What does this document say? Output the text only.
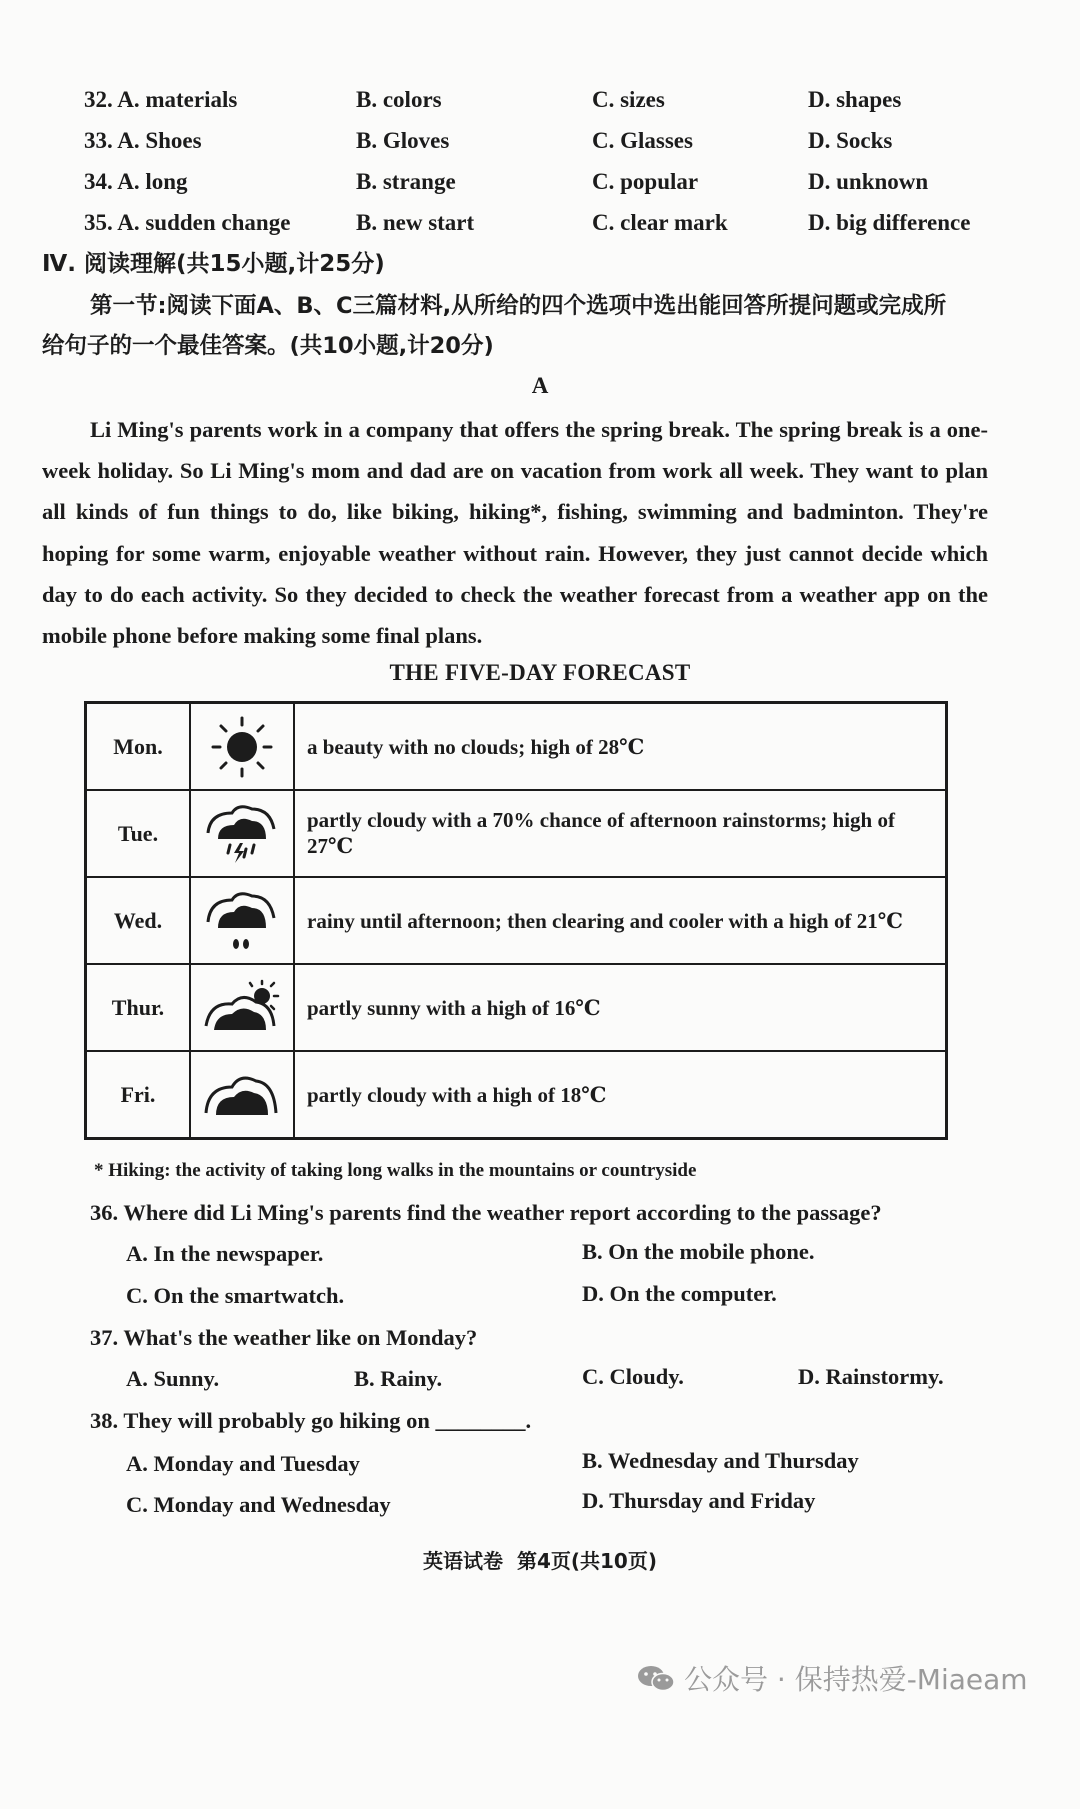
32. A. materials	B. colors	C. sizes	D. shapes
33. A. Shoes	B. Gloves	C. Glasses	D. Socks
34. A. long	B. strange	C. popular	D. unknown
35. A. sudden change	B. new start	C. clear mark	D. big difference
Ⅳ. 阅读理解(共15小题,计25分)
第一节:阅读下面A、B、C三篇材料,从所给的四个选项中选出能回答所提问题或完成所
给句子的一个最佳答案。(共10小题,计20分)
A
Li Ming's parents work in a company that offers the spring break. The spring break is a one-week holiday. So Li Ming's mom and dad are on vacation from work all week. They want to plan all kinds of fun things to do, like biking, hiking*, fishing, swimming and badminton. They're hoping for some warm, enjoyable weather without rain. However, they just cannot decide which day to do each activity. So they decided to check the weather forecast from a weather app on the mobile phone before making some final plans.
THE FIVE-DAY FORECAST
Mon.		a beauty with no clouds; high of 28℃
Tue.		partly cloudy with a 70% chance of afternoon rainstorms; high of 27℃
Wed.		rainy until afternoon; then clearing and cooler with a high of 21℃
Thur.		partly sunny with a high of 16℃
Fri.		partly cloudy with a high of 18℃
* Hiking: the activity of taking long walks in the mountains or countryside
36. Where did Li Ming's parents find the weather report according to the passage?
A. In the newspaper.	B. On the mobile phone.
C. On the smartwatch.	D. On the computer.
37. What's the weather like on Monday?
A. Sunny.	B. Rainy.	C. Cloudy.	D. Rainstormy.
38. They will probably go hiking on ________.
A. Monday and Tuesday	B. Wednesday and Thursday
C. Monday and Wednesday	D. Thursday and Friday
英语试卷  第4页(共10页)
公众号 · 保持热爱-Miaeam
